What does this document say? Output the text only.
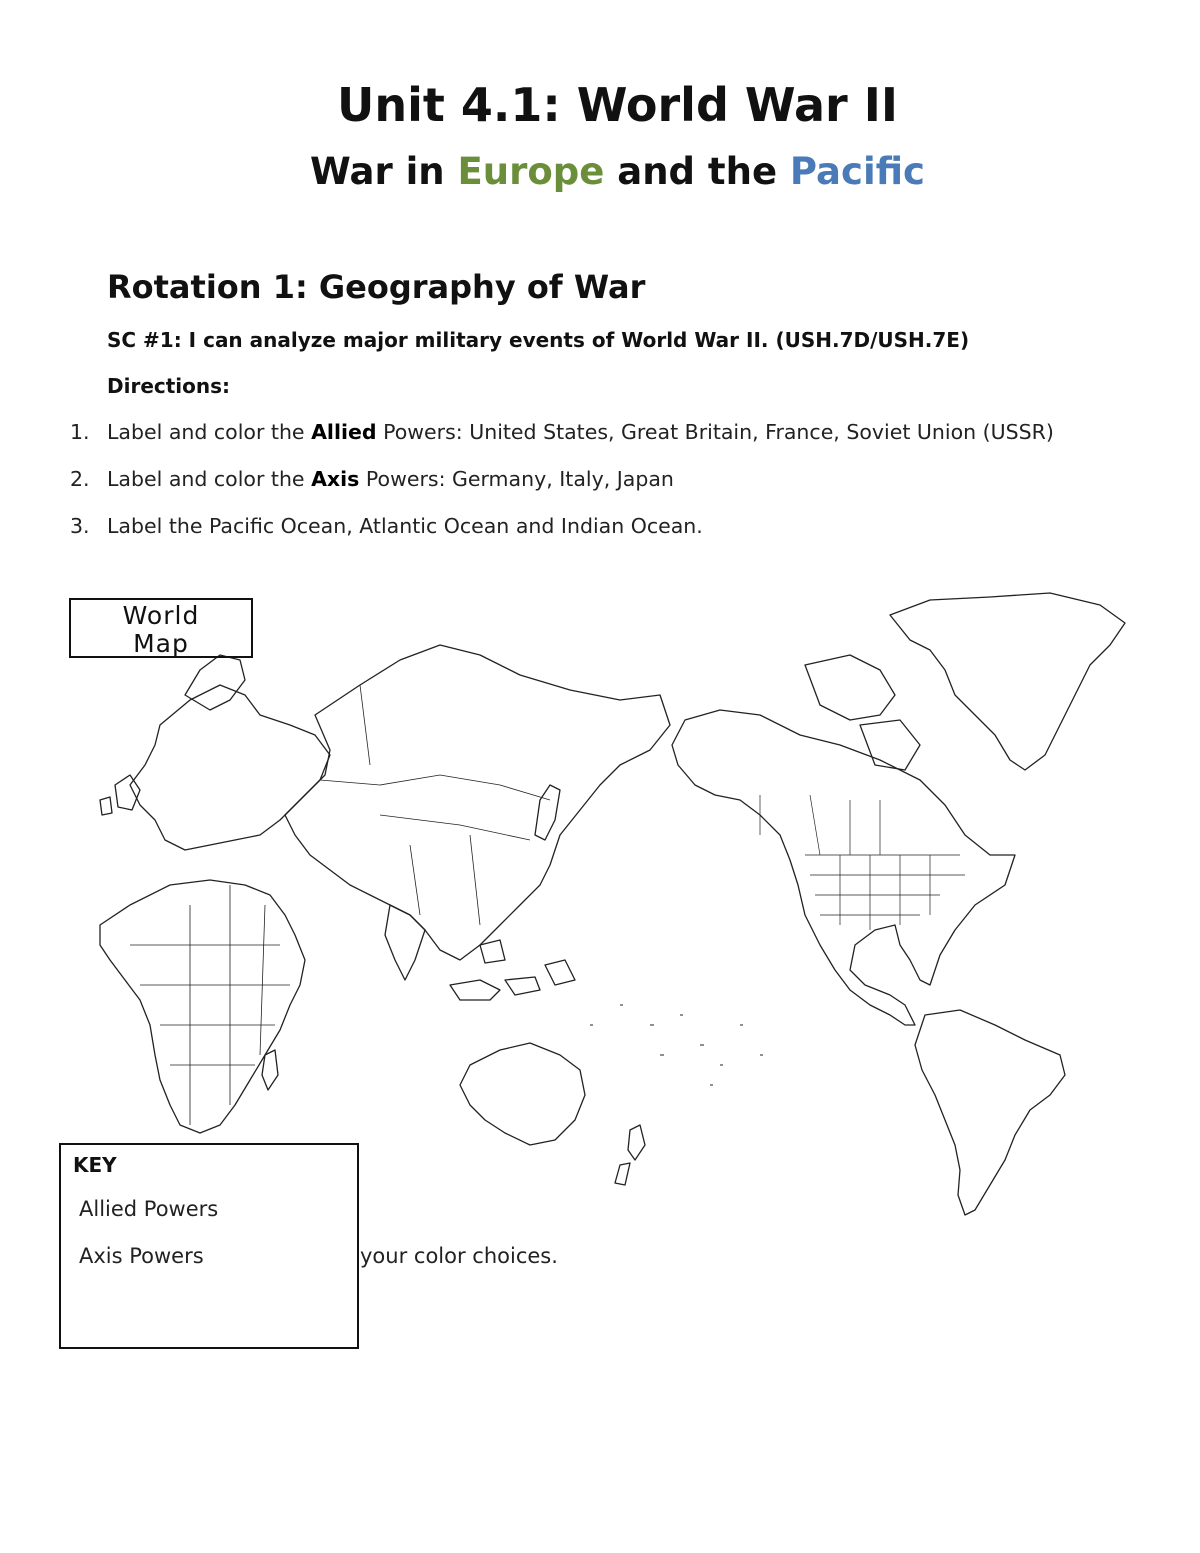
Unit 4.1: World War II
War in Europe and the Pacific
Rotation 1: Geography of War
SC #1: I can analyze major military events of World War II. (USH.7D/USH.7E)
Directions:
1. Label and color the Allied Powers: United States, Great Britain, France, Soviet Union (USSR)
2. Label and color the Axis Powers: Germany, Italy, Japan
3. Label the Pacific Ocean, Atlantic Ocean and Indian Ocean.
World
Map
KEY
Allied Powers
Axis Powers	your color choices.
